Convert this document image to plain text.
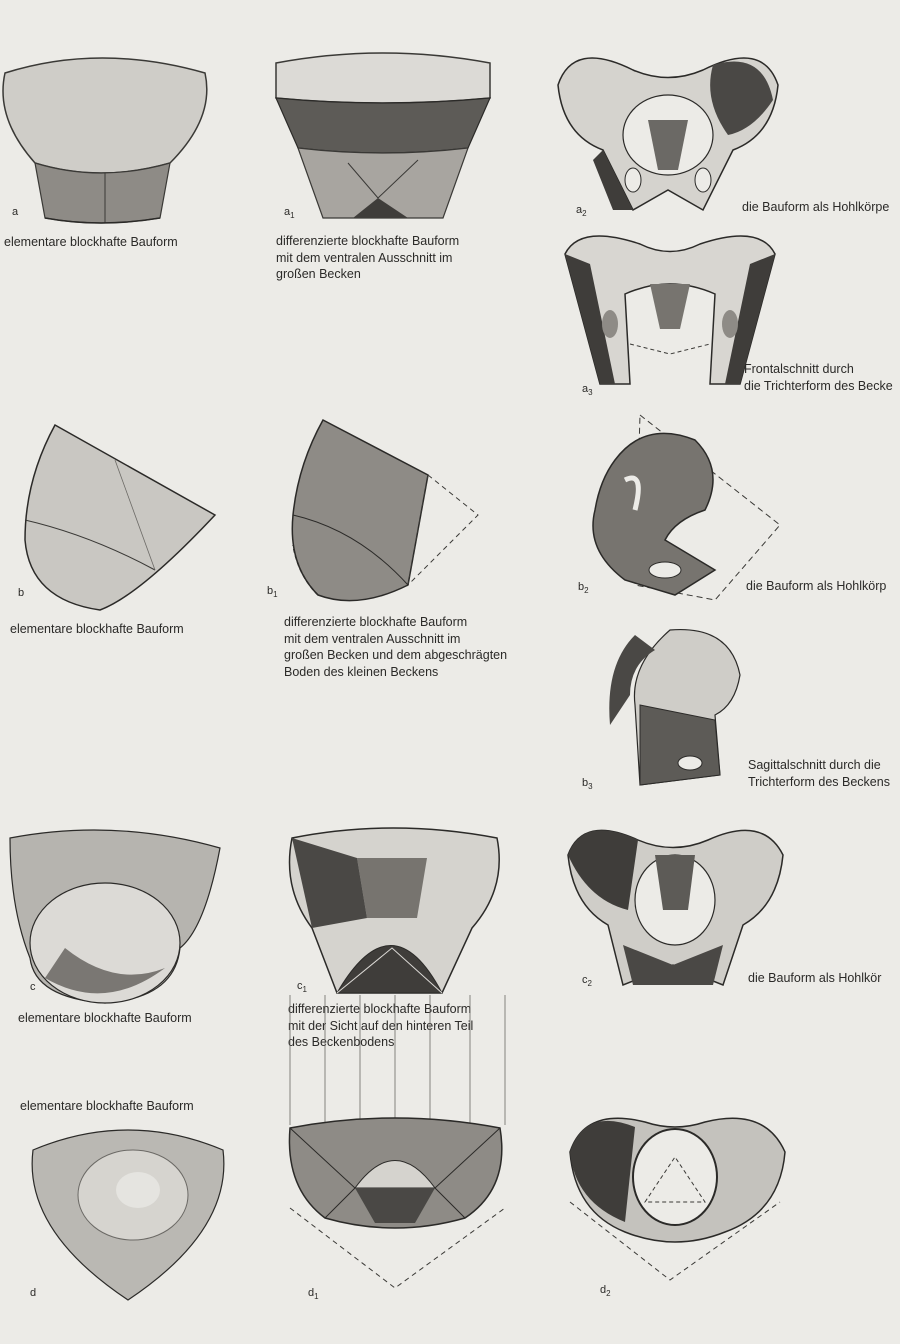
a
elementare blockhafte Bauform
$a_1$
differenzierte blockhafte Bauform
mit dem ventralen Ausschnitt im
großen Becken
$a_2$	die Bauform als Hohlkörpe
$a_3$
Frontalschnitt durch
die Trichterform des Becke
b
elementare blockhafte Bauform
$b_1$
differenzierte blockhafte Bauform
mit dem ventralen Ausschnitt im
großen Becken und dem abgeschrägten
Boden des kleinen Beckens
$b_2$	die Bauform als Hohlkörp
$b_3$
Sagittalschnitt durch die
Trichterform des Beckens
c
elementare blockhafte Bauform
$c_1$
differenzierte blockhafte Bauform
mit der Sicht auf den hinteren Teil
des Beckenbodens
$c_2$	die Bauform als Hohlkör
elementare blockhafte Bauform
d	$d_1$
$d_2$
